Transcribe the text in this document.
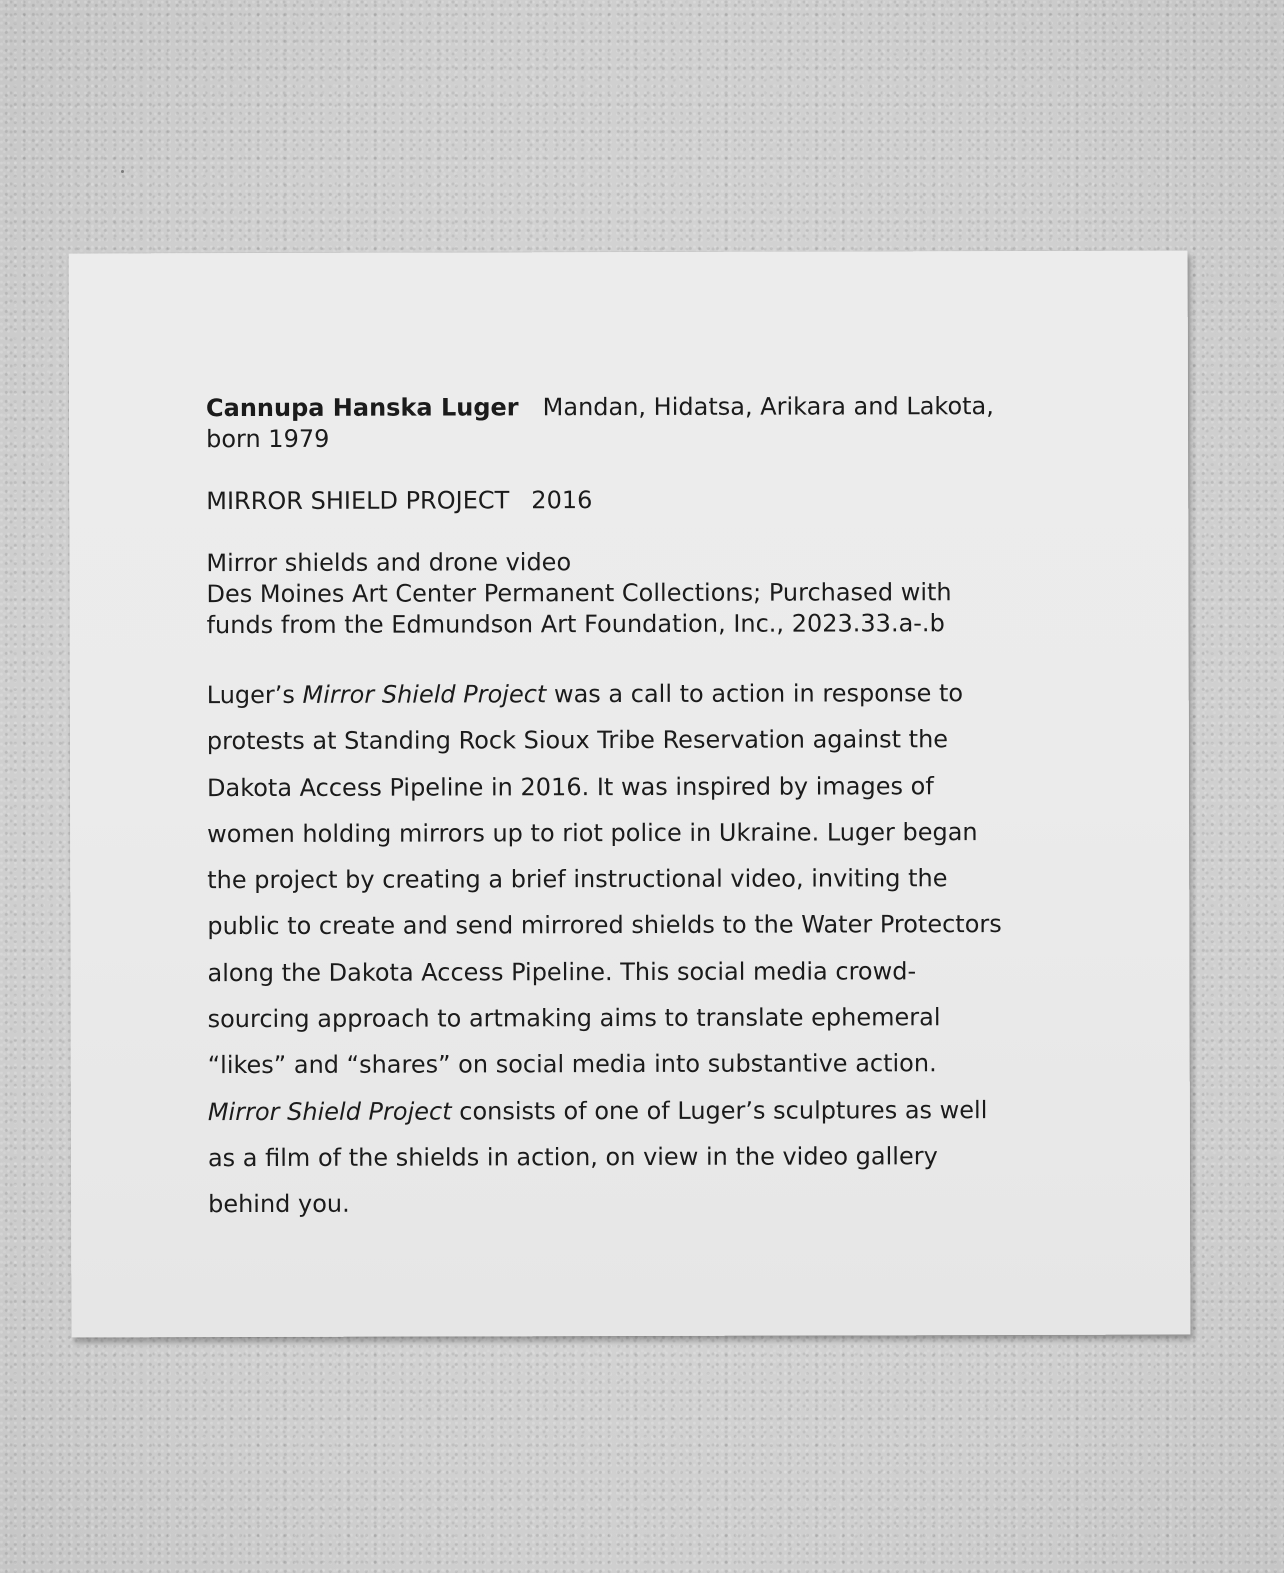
Cannupa Hanska Luger Mandan, Hidatsa, Arikara and Lakota,
born 1979

MIRROR SHIELD PROJECT 2016

Mirror shields and drone video
Des Moines Art Center Permanent Collections; Purchased with
funds from the Edmundson Art Foundation, Inc., 2023.33.a-.b
Luger’s Mirror Shield Project was a call to action in response to
protests at Standing Rock Sioux Tribe Reservation against the
Dakota Access Pipeline in 2016. It was inspired by images of
women holding mirrors up to riot police in Ukraine. Luger began
the project by creating a brief instructional video, inviting the
public to create and send mirrored shields to the Water Protectors
along the Dakota Access Pipeline. This social media crowd-
sourcing approach to artmaking aims to translate ephemeral
“likes” and “shares” on social media into substantive action.
Mirror Shield Project consists of one of Luger’s sculptures as well
as a film of the shields in action, on view in the video gallery
behind you.
